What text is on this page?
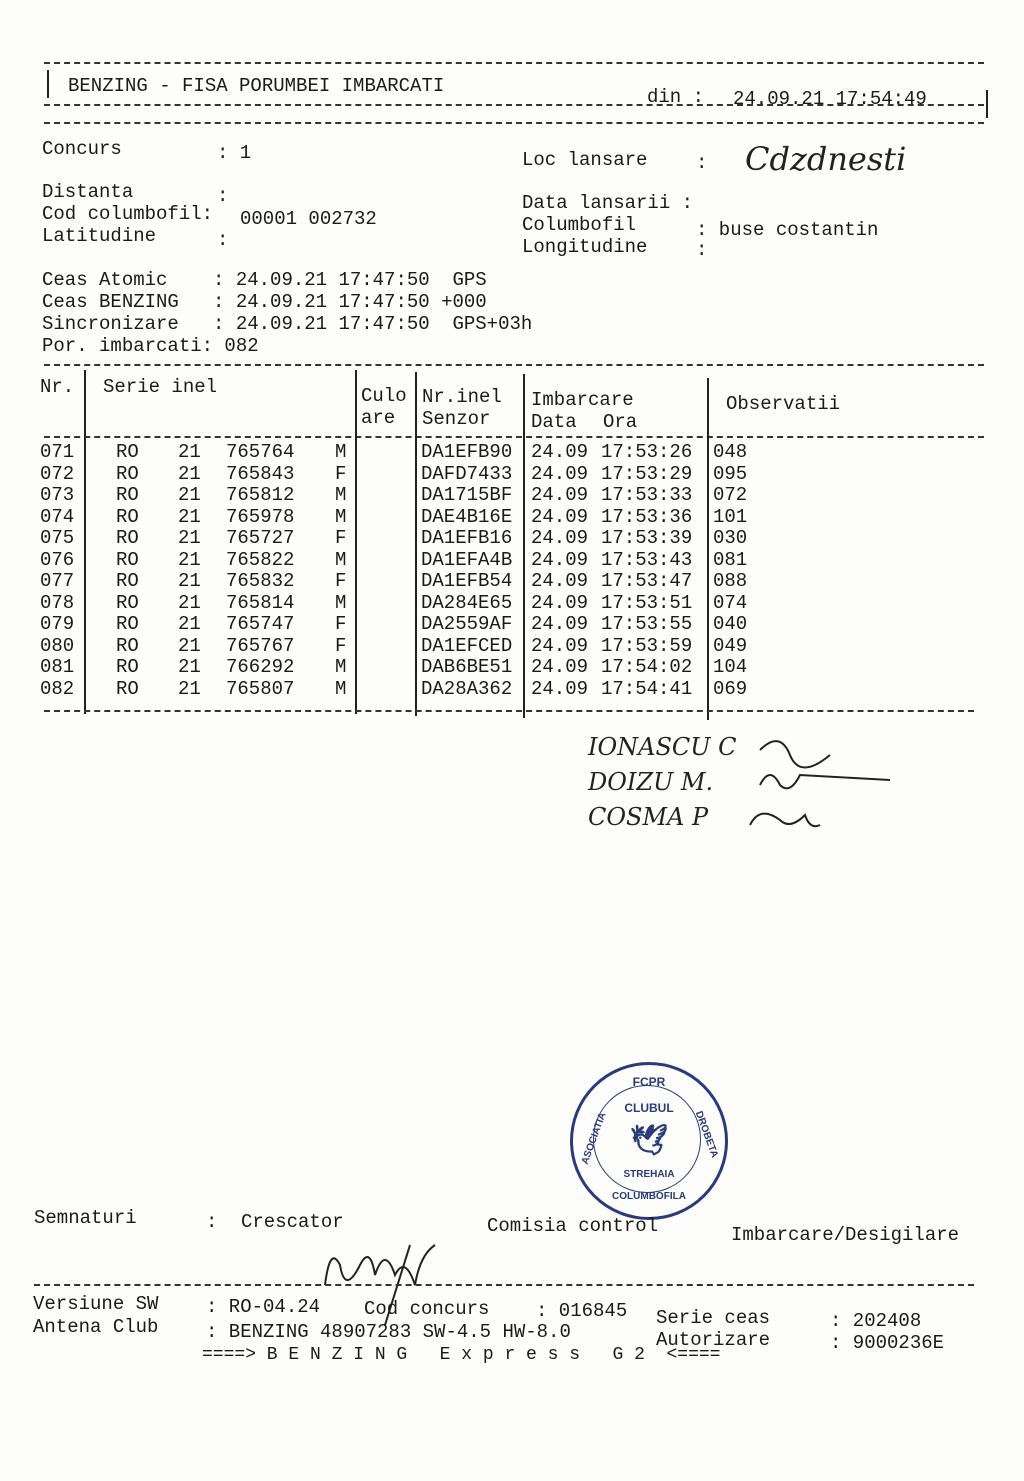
BENZING - FISA PORUMBEI IMBARCATI	din : 24.09.21 17:54:49
Concurs	: 1	Loc lansare	: Cdzdnesti
Distanta	:
Cod columbofil: 00001 002732
Latitudine	:
Data lansarii :
Columbofil	: buse costantin
Longitudine	:
Ceas Atomic    : 24.09.21 17:47:50  GPS
Ceas BENZING   : 24.09.21 17:47:50 +000
Sincronizare   : 24.09.21 17:47:50  GPS+03h
Por. imbarcati: 082
Nr. Serie inel	Culo
are
Nr.inel
Senzor
Imbarcare
Data Ora
Observatii
071 RO 21 765764 M	DA1EFB90 24.09 17:53:26 048
072 RO 21 765843 F	DAFD7433 24.09 17:53:29 095
073 RO 21 765812 M	DA1715BF 24.09 17:53:33 072
074 RO 21 765978 M	DAE4B16E 24.09 17:53:36 101
075 RO 21 765727 F	DA1EFB16 24.09 17:53:39 030
076 RO 21 765822 M	DA1EFA4B 24.09 17:53:43 081
077 RO 21 765832 F	DA1EFB54 24.09 17:53:47 088
078 RO 21 765814 M	DA284E65 24.09 17:53:51 074
079 RO 21 765747 F	DA2559AF 24.09 17:53:55 040
080 RO 21 765767 F	DA1EFCED 24.09 17:53:59 049
081 RO 21 766292 M	DAB6BE51 24.09 17:54:02 104
082 RO 21 765807 M	DA28A362 24.09 17:54:41 069
IONASCU C
DOIZU M.
COSMA P
FCPR
CLUBUL
ASOCIATIA	DROBETA
STREHAIA
COLUMBOFILA
🕊
Semnaturi	: Crescator	Comisia control	Imbarcare/Desigilare
Versiune SW	: RO-04.24 Cod concurs : 016845 Serie ceas	: 202408
Antena Club	: BENZING 48907283 SW-4.5 HW-8.0	Autorizare	: 9000236E
====> B E N Z I N G   E x p r e s s   G 2  <====
